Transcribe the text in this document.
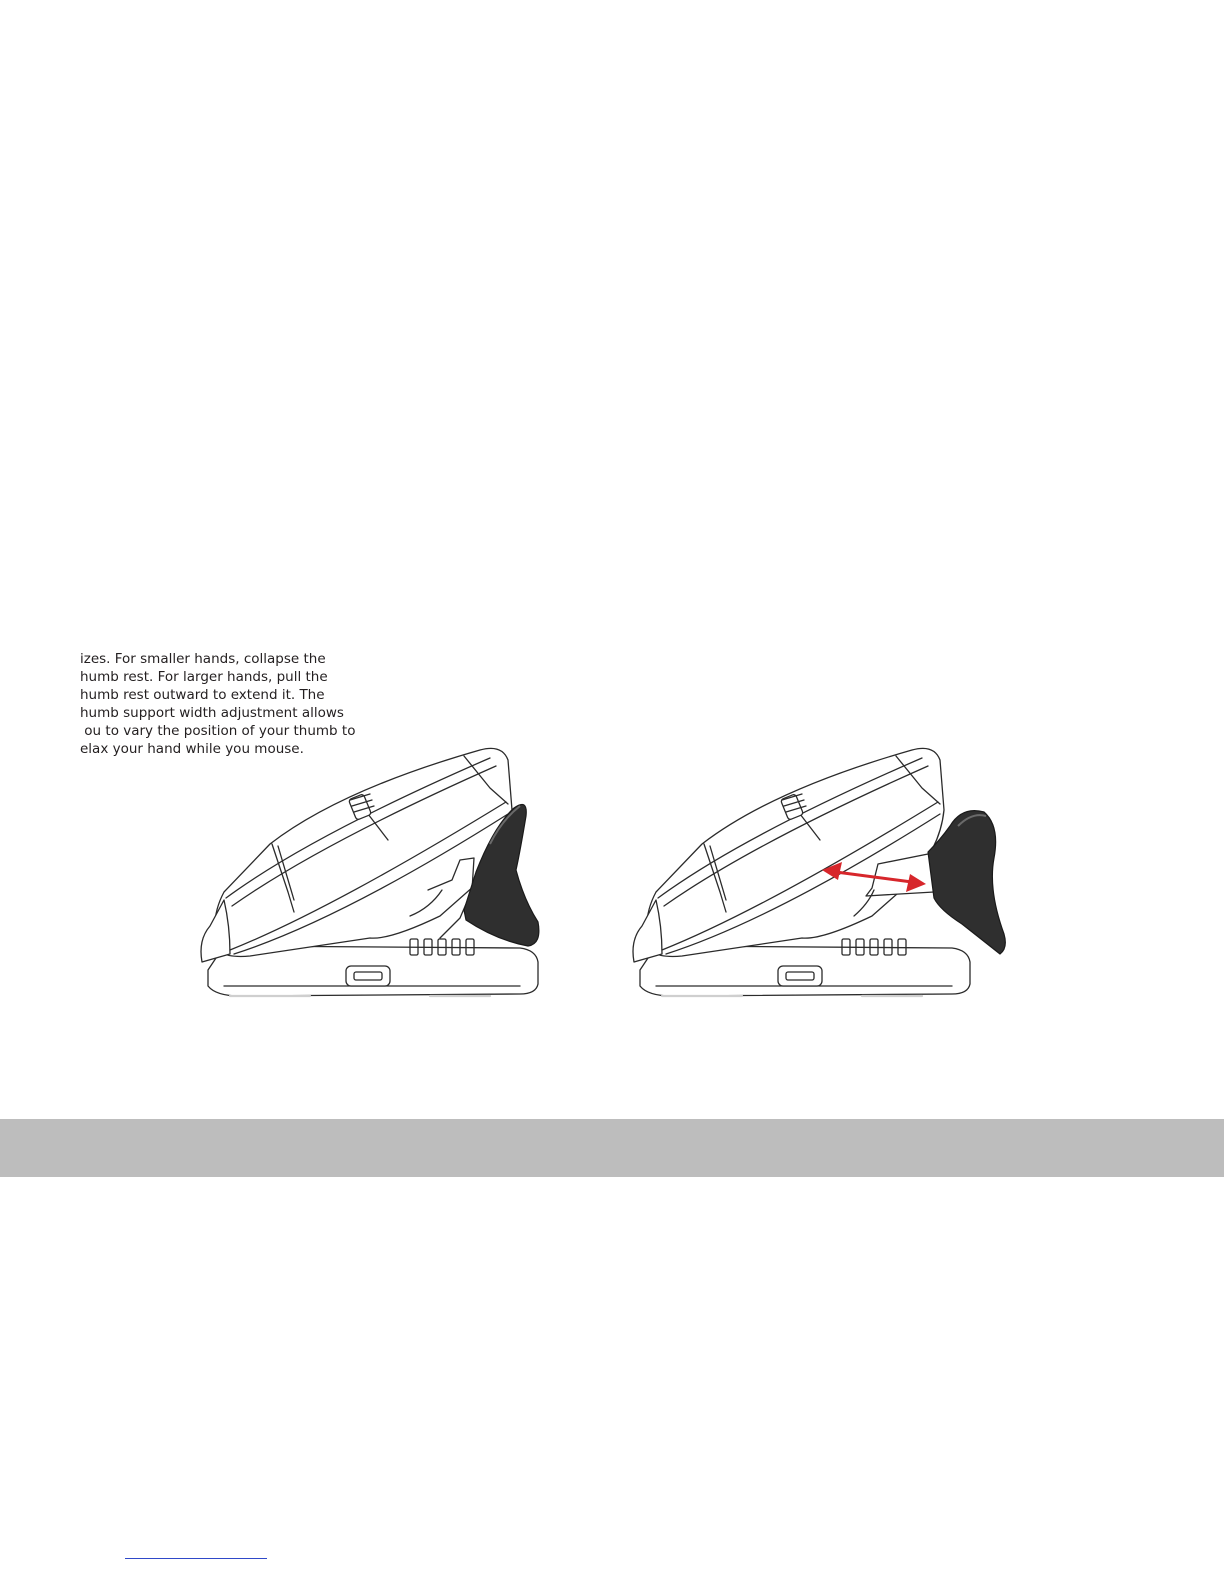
izes. For smaller hands, collapse the
humb rest. For larger hands, pull the
humb rest outward to extend it. The
humb support width adjustment allows
ou to vary the position of your thumb to
elax your hand while you mouse.
